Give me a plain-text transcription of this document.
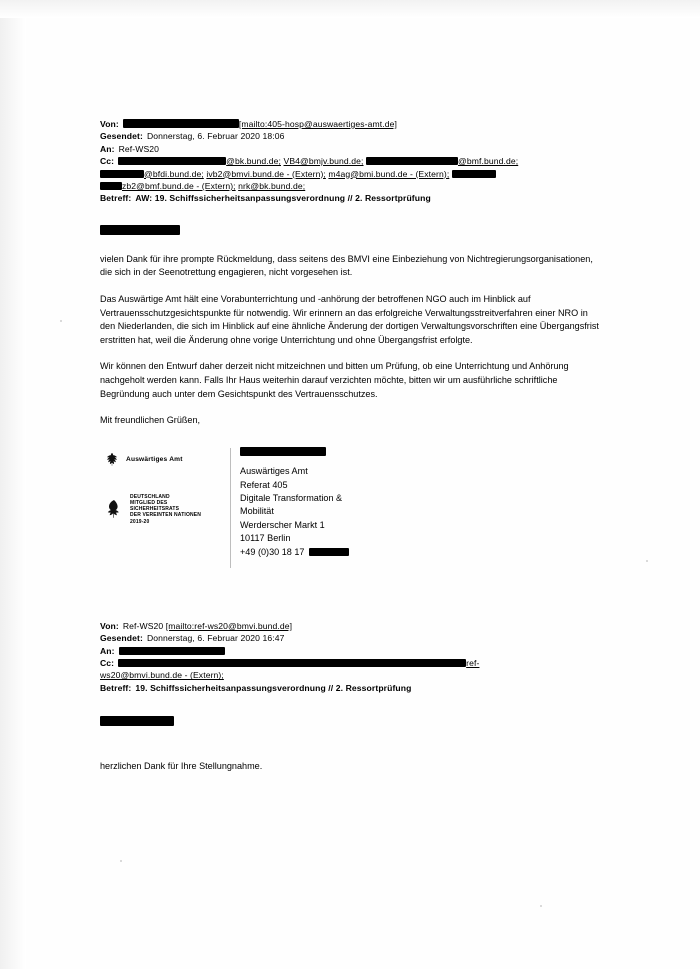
Von:	[mailto:405-hosp@auswaertiges-amt.de]
Gesendet: Donnerstag, 6. Februar 2020 18:06
An: Ref-WS20
Cc:	@bk.bund.de; VB4@bmjv.bund.de;	@bmf.bund.de;
@bfdi.bund.de; ivb2@bmvi.bund.de - (Extern); m4ag@bmi.bund.de - (Extern);
zb2@bmf.bund.de - (Extern); nrk@bk.bund.de;
Betreff: AW: 19. Schiffssicherheitsanpassungsverordnung // 2. Ressortprüfung
vielen Dank für ihre prompte Rückmeldung, dass seitens des BMVI eine Einbeziehung von Nichtregierungsorganisationen, die sich in der Seenotrettung engagieren, nicht vorgesehen ist.
Das Auswärtige Amt hält eine Vorabunterrichtung und -anhörung der betroffenen NGO auch im Hinblick auf Vertrauensschutzgesichtspunkte für notwendig. Wir erinnern an das erfolgreiche Verwaltungsstreitverfahren einer NRO in den Niederlanden, die sich im Hinblick auf eine ähnliche Änderung der dortigen Verwaltungsvorschriften eine Übergangsfrist erstritten hat, weil die Änderung ohne vorige Unterrichtung und ohne Übergangsfrist erfolgte.
Wir können den Entwurf daher derzeit nicht mitzeichnen und bitten um Prüfung, ob eine Unterrichtung und Anhörung nachgeholt werden kann. Falls Ihr Haus weiterhin darauf verzichten möchte, bitten wir um ausführliche schriftliche Begründung auch unter dem Gesichtspunkt des Vertrauensschutzes.
Mit freundlichen Grüßen,
Auswärtiges Amt
DEUTSCHLAND
MITGLIED DES
SICHERHEITSRATS
DER VEREINTEN NATIONEN
2019-20
Auswärtiges Amt
Referat 405
Digitale Transformation &
Mobilität
Werderscher Markt 1
10117 Berlin
+49 (0)30 18 17
Von: Ref-WS20 [mailto:ref-ws20@bmvi.bund.de]
Gesendet: Donnerstag, 6. Februar 2020 16:47
An:
Cc:	ref-
ws20@bmvi.bund.de - (Extern);
Betreff: 19. Schiffssicherheitsanpassungsverordnung // 2. Ressortprüfung
herzlichen Dank für Ihre Stellungnahme.
